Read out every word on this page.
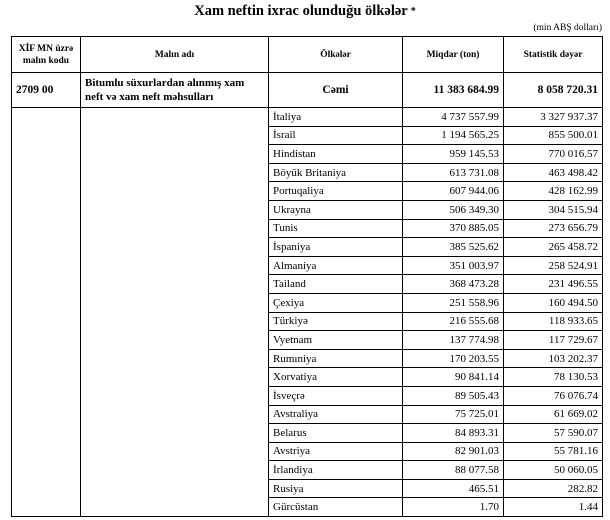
Xam neftin ixrac olunduğu ölkələr *
(min ABŞ dolları)
XİF MN üzrə malın kodu	Malın adı	Ölkələr	Miqdar (ton)	Statistik dəyər
2709 00	Bitumlu süxurlardan alınmış xam neft və xam neft məhsulları	Cəmi	11 383 684.99	8 058 720.31
		İtaliya	4 737 557.99	3 327 937.37
		İsrail	1 194 565.25	855 500.01
		Hindistan	959 145.53	770 016.57
		Böyük Britaniya	613 731.08	463 498.42
		Portuqaliya	607 944.06	428 162.99
		Ukrayna	506 349.30	304 515.94
		Tunis	370 885.05	273 656.79
		İspaniya	385 525.62	265 458.72
		Almaniya	351 003.97	258 524.91
		Tailand	368 473.28	231 496.55
		Çexiya	251 558.96	160 494.50
		Türkiyə	216 555.68	118 933.65
		Vyetnam	137 774.98	117 729.67
		Rumıniya	170 203.55	103 202.37
		Xorvatiya	90 841.14	78 130.53
		İsveçrə	89 505.43	76 076.74
		Avstraliya	75 725.01	61 669.02
		Belarus	84 893.31	57 590.07
		Avstriya	82 901.03	55 781.16
		İrlandiya	88 077.58	50 060.05
		Rusiya	465.51	282.82
		Gürcüstan	1.70	1.44
